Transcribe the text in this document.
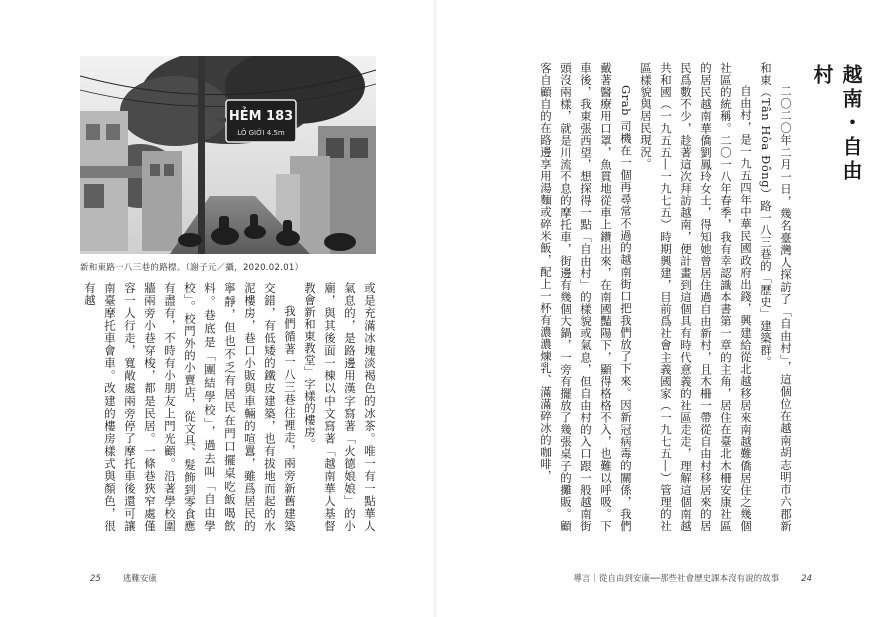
越南・自由村

二〇二〇年二月一日，幾名臺灣人探訪了「自由村」，這個位在越南胡志明市六郡新和東（Tân Hòa Đông）路一八三巷的「歷史」建築群。

自由村，是一九五四年中華民國政府出錢，興建給從北越移居來南越難僑居住之幾個社區的統稱。二〇一八年春季，我有幸認識本書第一章的主角，居住在臺北木柵安康社區的居民越南華僑劉鳳玲女士，得知她曾居住過自由新村，且木柵一帶從自由村移居來的居民爲數不少，趁著這次拜訪越南，便計畫到這個具有時代意義的社區走走，理解這個南越共和國（一九五五―一九七五）時期興建，目前爲社會主義國家（一九七五―）管理的社區樣貌與居民現況。

Grab 司機在一個再尋常不過的越南街口把我們放了下來。因新冠病毒的關係，我們戴著醫療用口罩，魚貫地從車上鑽出來，在南國豔陽下，顯得格格不入，也難以呼吸。下車後，我東張西望，想探得一點「自由村」的樣貌或氣息，但自由村的入口跟一般越南街頭沒兩樣，就是川流不息的摩托車，街邊有幾個大鍋，一旁有擺放了幾張桌子的攤販。顧客自顧自的在路邊享用湯麵或碎米飯，配上一杯有濃濃煉乳、滿滿碎冰的咖啡，

導言｜從自由到安康──那些社會歷史課本沒有說的故事	24
HẺM 183
LÔ GIỚI 4.5m
新和東路一八三巷的路標。（謝子元／攝，2020.02.01）

或是充滿冰塊淡褐色的冰茶。唯一有一點華人氣息的，是路邊用漢字寫著「火德娘娘」的小廟，與其後面一棟以中文寫著「越南華人基督教會新和東教堂」字樣的樓房。

我們循著一八三巷往裡走，兩旁新舊建築交錯，有低矮的鐵皮建築，也有拔地而起的水泥樓房，巷口小販與車輛的喧囂，雖爲居民的寧靜，但也不乏有居民在門口擺桌吃飯喝飲料。巷底是「團結學校」，過去叫「自由學校」。校門外的小賣店，從文具、髮飾到零食應有盡有，不時有小朋友上門光顧。沿著學校圍牆兩旁小巷穿梭，都是民居。一條巷狹窄處僅容一人行走，寬敞處兩旁停了摩托車後還可讓南臺摩托車會車。改建的樓房樣式與顏色，很有越

25	逃難安康
